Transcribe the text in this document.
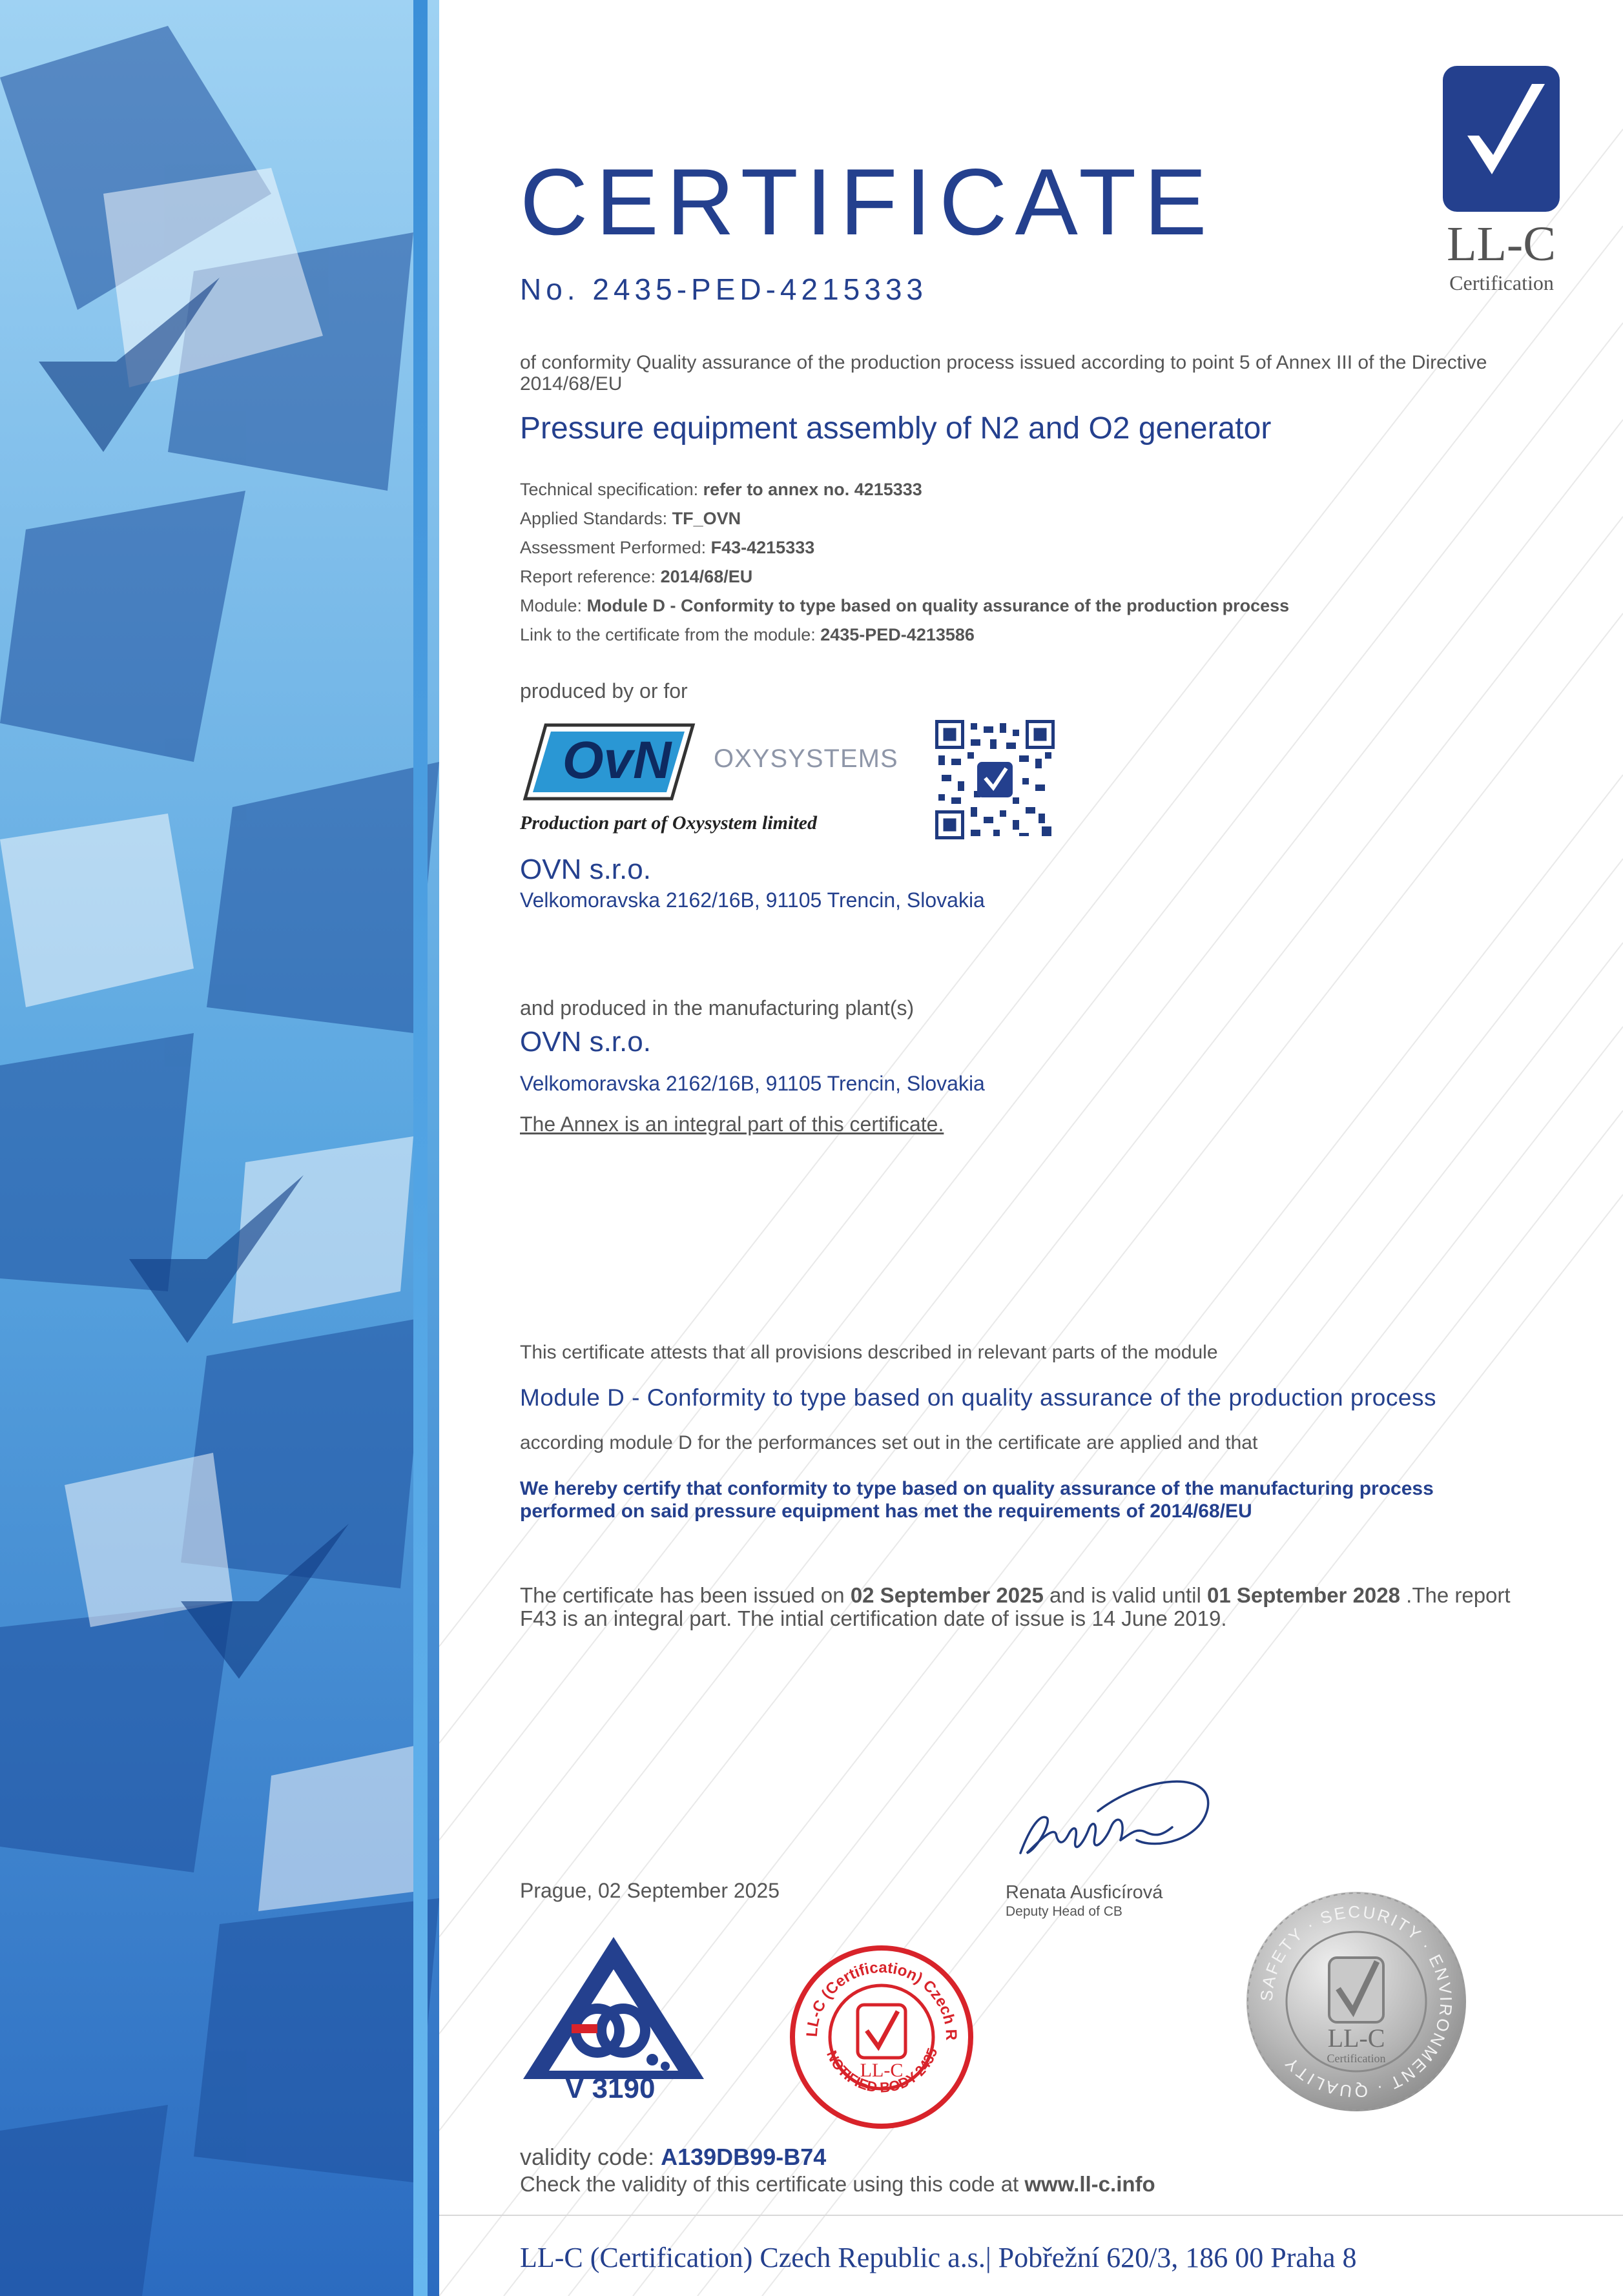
CERTIFICATE
No. 2435-PED-4215333
LL-C
Certification
of conformity Quality assurance of the production process issued according to point 5 of Annex III of the Directive 2014/68/EU
Pressure equipment assembly of N2 and O2 generator
Technical specification: refer to annex no. 4215333
Applied Standards: TF_OVN
Assessment Performed: F43-4215333
Report reference: 2014/68/EU
Module: Module D - Conformity to type based on quality assurance of the production process
Link to the certificate from the module: 2435-PED-4213586
produced by or for
OvN
Production part of Oxysystem limited
OXYSYSTEMS
OVN s.r.o.
Velkomoravska 2162/16B, 91105 Trencin, Slovakia
and produced in the manufacturing plant(s)
OVN s.r.o.
Velkomoravska 2162/16B, 91105 Trencin, Slovakia
The Annex is an integral part of this certificate.
This certificate attests that all provisions described in relevant parts of the module
Module D - Conformity to type based on quality assurance of the production process
according module D for the performances set out in the certificate are applied and that
We hereby certify that conformity to type based on quality assurance of the manufacturing process performed on said pressure equipment has met the requirements of 2014/68/EU
The certificate has been issued on 02 September 2025 and is valid until 01 September 2028 .The report F43 is an integral part. The intial certification date of issue is 14 June 2019.
Prague, 02 September 2025	Renata Ausficírová
Deputy Head of CB
V 3190
LL-C (Certification) Czech R
NOTIFIED BODY 2435
LL-C
SAFETY · SECURITY · ENVIRONMENT · QUALITY
LL-C
Certification
validity code: A139DB99-B74
Check the validity of this certificate using this code at www.ll-c.info
LL-C (Certification) Czech Republic a.s.| Pobřežní 620/3, 186 00 Praha 8
